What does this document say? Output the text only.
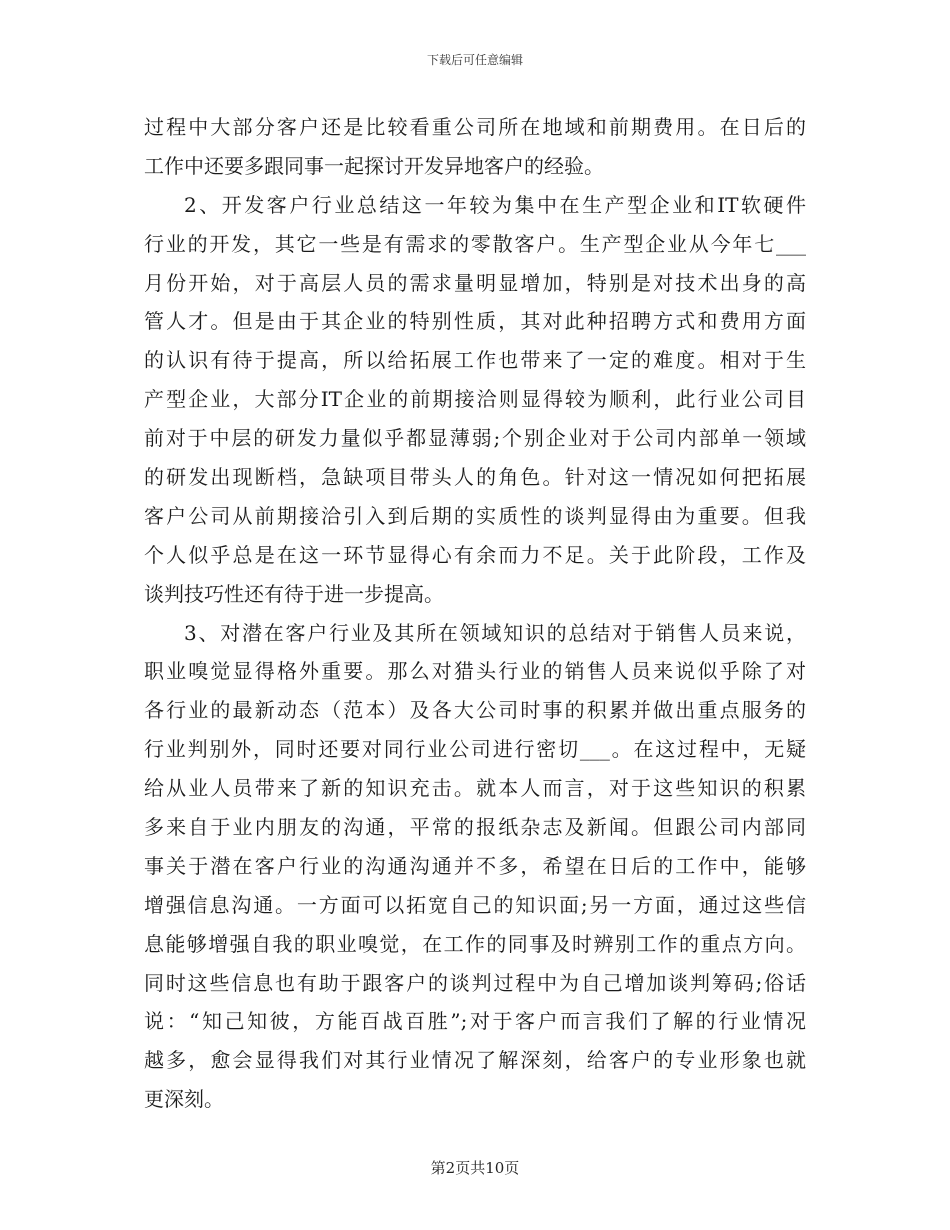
下载后可任意编辑
过程中大部分客户还是比较看重公司所在地域和前期费用。在日后的
工作中还要多跟同事一起探讨开发异地客户的经验。
2、开发客户行业总结这一年较为集中在生产型企业和IT软硬件
行业的开发，其它一些是有需求的零散客户。生产型企业从今年七___
月份开始，对于高层人员的需求量明显增加，特别是对技术出身的高
管人才。但是由于其企业的特别性质，其对此种招聘方式和费用方面
的认识有待于提高，所以给拓展工作也带来了一定的难度。相对于生
产型企业，大部分IT企业的前期接洽则显得较为顺利，此行业公司目
前对于中层的研发力量似乎都显薄弱;个别企业对于公司内部单一领域
的研发出现断档，急缺项目带头人的角色。针对这一情况如何把拓展
客户公司从前期接洽引入到后期的实质性的谈判显得由为重要。但我
个人似乎总是在这一环节显得心有余而力不足。关于此阶段，工作及
谈判技巧性还有待于进一步提高。
3、对潜在客户行业及其所在领域知识的总结对于销售人员来说，
职业嗅觉显得格外重要。那么对猎头行业的销售人员来说似乎除了对
各行业的最新动态（范本）及各大公司时事的积累并做出重点服务的
行业判别外，同时还要对同行业公司进行密切___。在这过程中，无疑
给从业人员带来了新的知识充击。就本人而言，对于这些知识的积累
多来自于业内朋友的沟通，平常的报纸杂志及新闻。但跟公司内部同
事关于潜在客户行业的沟通沟通并不多，希望在日后的工作中，能够
增强信息沟通。一方面可以拓宽自己的知识面;另一方面，通过这些信
息能够增强自我的职业嗅觉，在工作的同事及时辨别工作的重点方向。
同时这些信息也有助于跟客户的谈判过程中为自己增加谈判筹码;俗话
说：“知己知彼，方能百战百胜”;对于客户而言我们了解的行业情况
越多，愈会显得我们对其行业情况了解深刻，给客户的专业形象也就
更深刻。
第2页共10页
